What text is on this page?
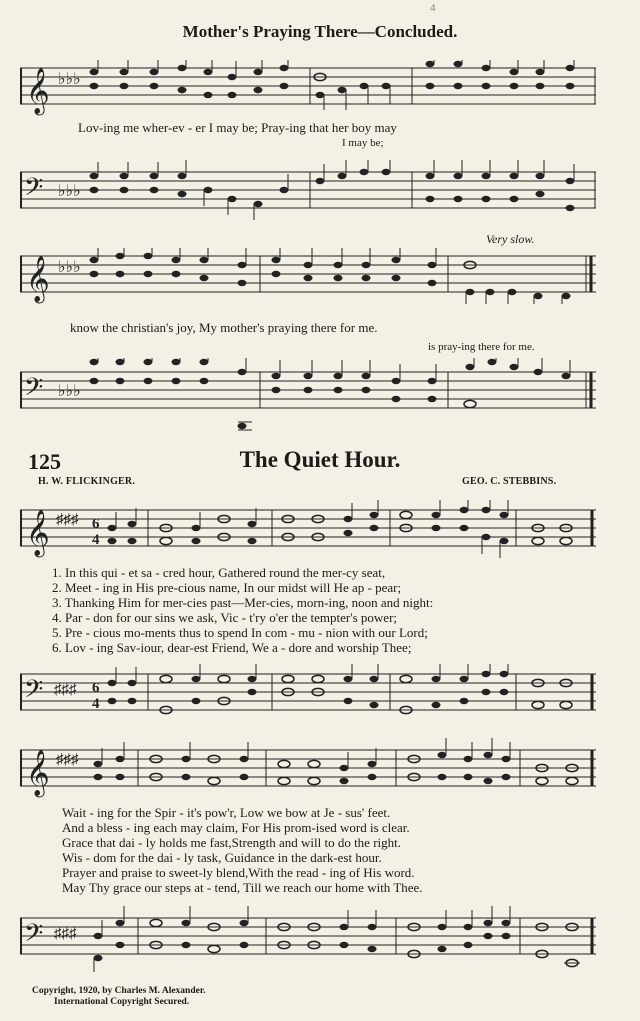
4
Mother's Praying There—Concluded.
𝄞 ♭♭♭
Lov-ing me wher-ev - er I may be; Pray-ing that her boy may
I may be;
𝄢 ♭♭♭
𝄞 ♭♭♭
Very slow.
know the christian's joy, My mother's praying there for me.
is pray-ing there for me.
𝄢 ♭♭♭
125	The Quiet Hour.
H. W. FLICKINGER.	GEO. C. STEBBINS.
𝄞 ♯♯♯ 6 4
1. In this qui - et sa - cred hour, Gathered round the mer-cy seat,
2. Meet - ing in His pre-cious name, In our midst will He ap - pear;
3. Thanking Him for mer-cies past—Mer-cies, morn-ing, noon and night:
4. Par - don for our sins we ask, Vic - t'ry o'er the tempter's power;
5. Pre - cious mo-ments thus to spend In com - mu - nion with our Lord;
6. Lov - ing Sav-iour, dear-est Friend, We a - dore and worship Thee;
𝄢 ♯♯♯ 6
4
𝄞 ♯♯♯
Wait - ing for the Spir - it's pow'r, Low we bow at Je - sus' feet.
And a bless - ing each may claim, For His prom-ised word is clear.
Grace that dai - ly holds me fast,Strength and will to do the right.
Wis - dom for the dai - ly task, Guidance in the dark-est hour.
Prayer and praise to sweet-ly blend,With the read - ing of His word.
May Thy grace our steps at - tend, Till we reach our home with Thee.
𝄢 ♯♯♯
Copyright, 1920, by Charles M. Alexander.
International Copyright Secured.
